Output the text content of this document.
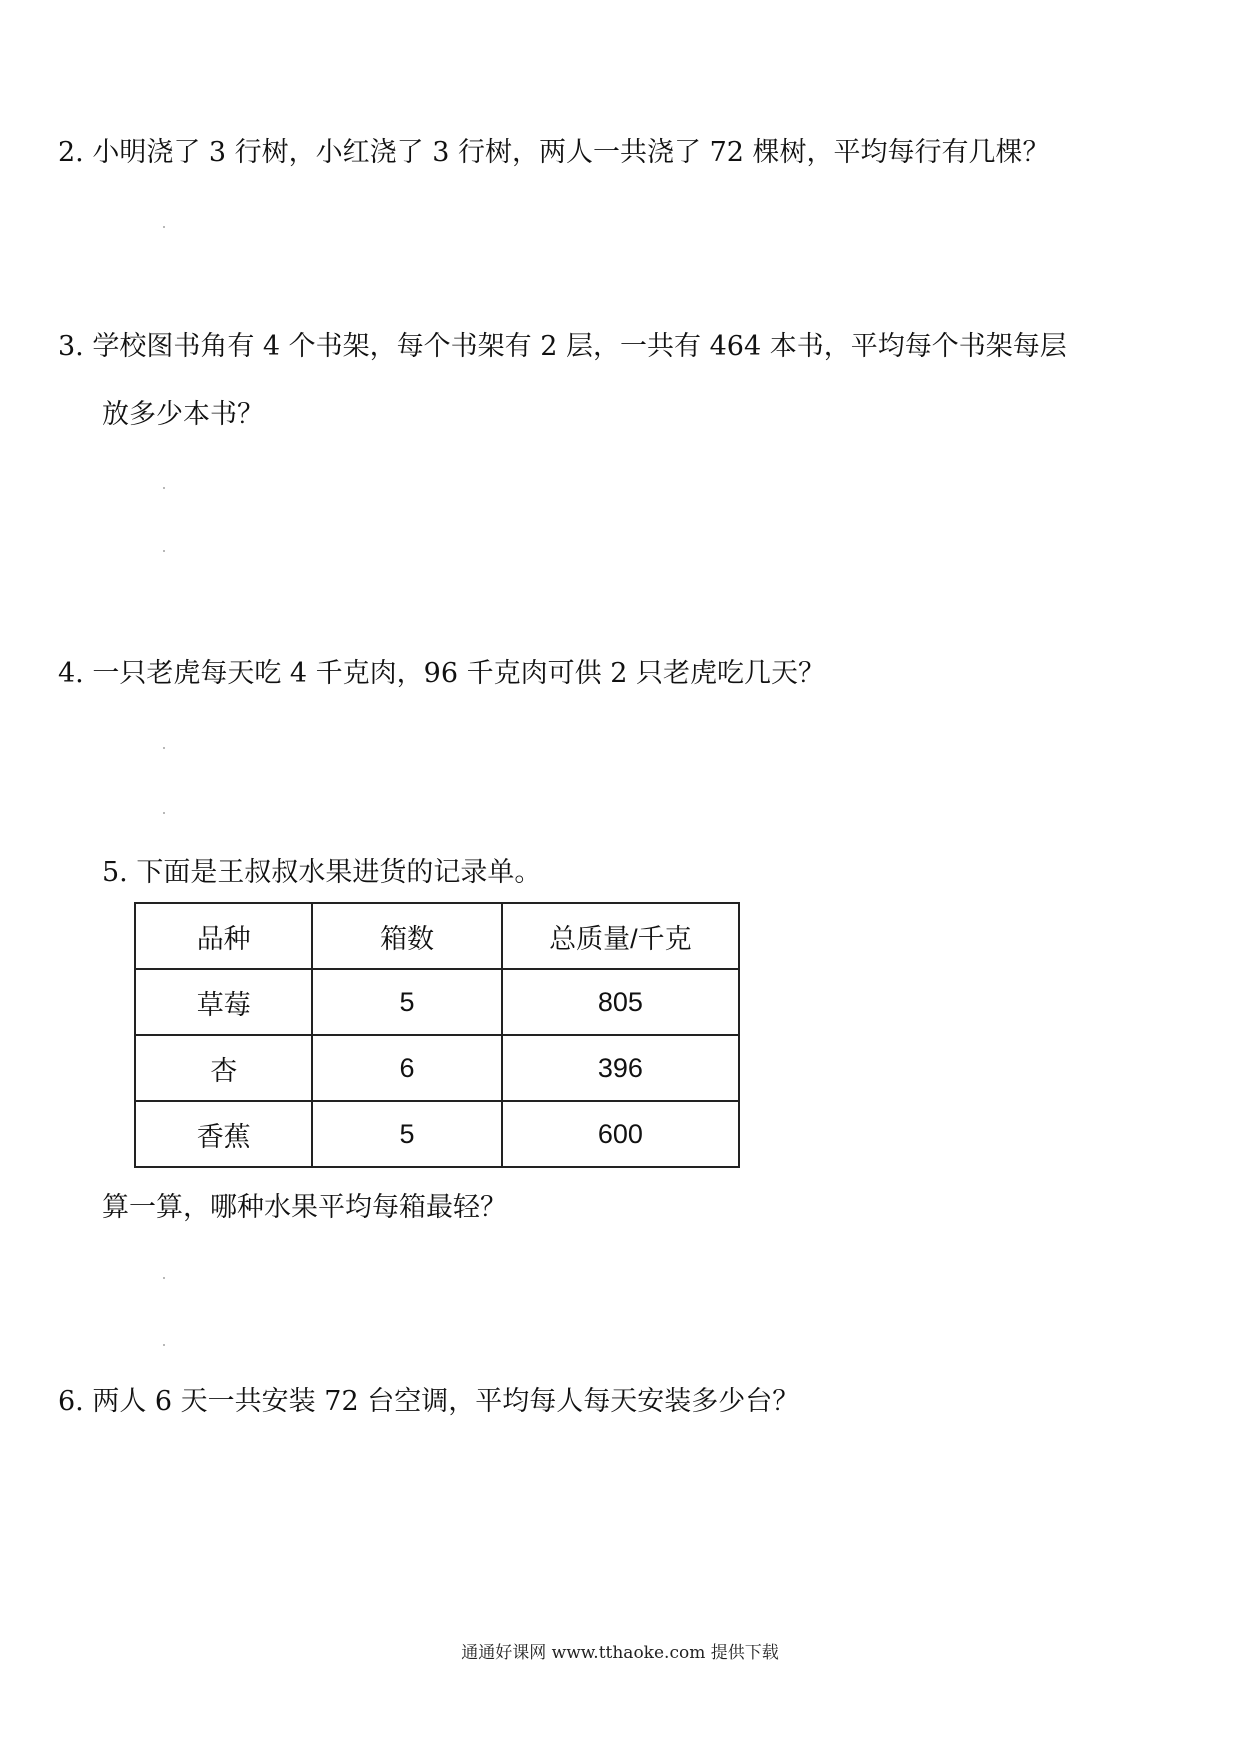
2. 小明浇了 3 行树，小红浇了 3 行树，两人一共浇了 72 棵树，平均每行有几棵？

3. 学校图书角有 4 个书架，每个书架有 2 层，一共有 464 本书，平均每个书架每层

放多少本书？

4. 一只老虎每天吃 4 千克肉，96 千克肉可供 2 只老虎吃几天？

5. 下面是王叔叔水果进货的记录单。

品种	箱数	总质量/千克
草莓	5	805
杏	6	396
香蕉	5	600

算一算，哪种水果平均每箱最轻？

6. 两人 6 天一共安装 72 台空调，平均每人每天安装多少台？

通通好课网 www.tthaoke.com 提供下载
